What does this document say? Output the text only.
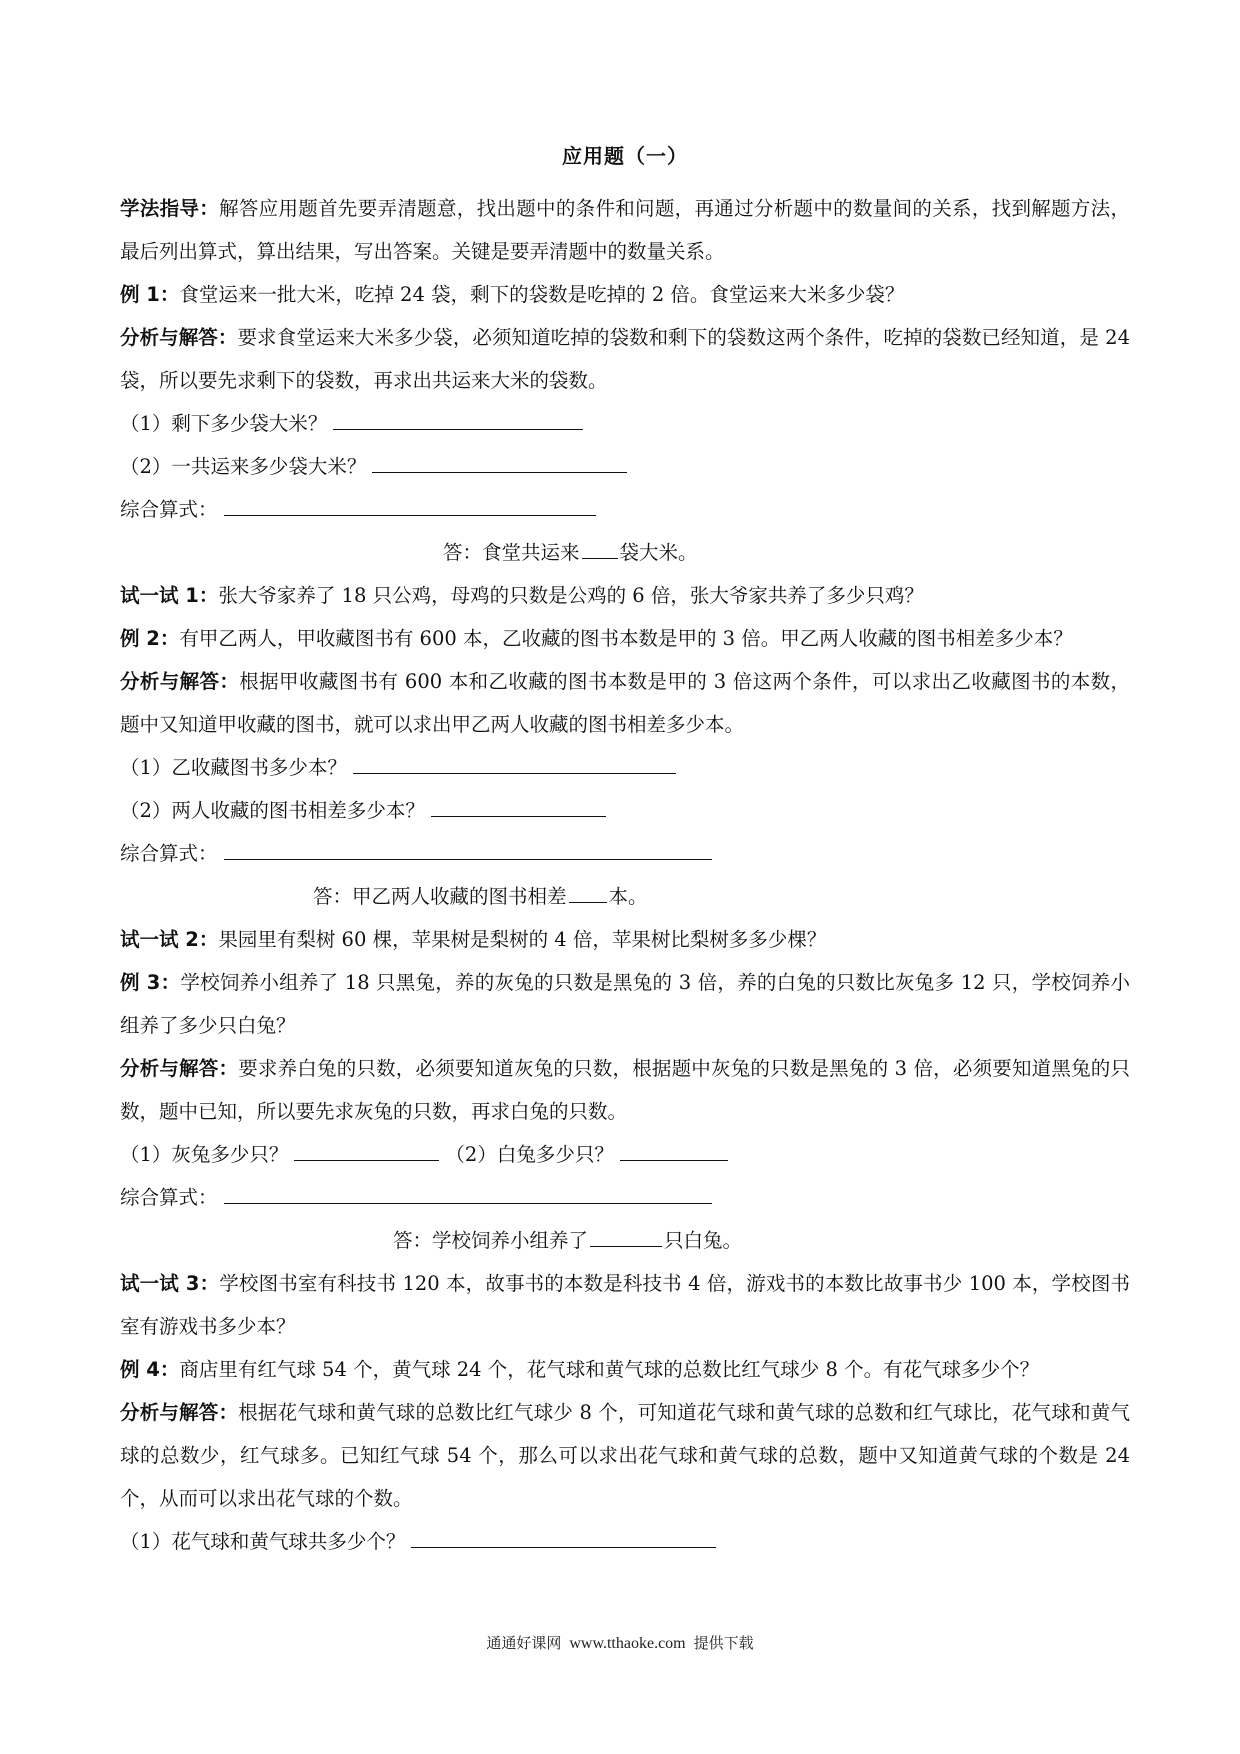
应用题（一）

学法指导：解答应用题首先要弄清题意，找出题中的条件和问题，再通过分析题中的数量间的关系，找到解题方法，最后列出算式，算出结果，写出答案。关键是要弄清题中的数量关系。

例 1：食堂运来一批大米，吃掉 24 袋，剩下的袋数是吃掉的 2 倍。食堂运来大米多少袋？

分析与解答：要求食堂运来大米多少袋，必须知道吃掉的袋数和剩下的袋数这两个条件，吃掉的袋数已经知道，是 24 袋，所以要先求剩下的袋数，再求出共运来大米的袋数。

（1）剩下多少袋大米？

（2）一共运来多少袋大米？

综合算式：

答：食堂共运来 袋大米。

试一试 1：张大爷家养了 18 只公鸡，母鸡的只数是公鸡的 6 倍，张大爷家共养了多少只鸡？

例 2：有甲乙两人，甲收藏图书有 600 本，乙收藏的图书本数是甲的 3 倍。甲乙两人收藏的图书相差多少本？

分析与解答：根据甲收藏图书有 600 本和乙收藏的图书本数是甲的 3 倍这两个条件，可以求出乙收藏图书的本数，题中又知道甲收藏的图书，就可以求出甲乙两人收藏的图书相差多少本。

（1）乙收藏图书多少本？

（2）两人收藏的图书相差多少本？

综合算式：

答：甲乙两人收藏的图书相差 本。

试一试 2：果园里有梨树 60 棵，苹果树是梨树的 4 倍，苹果树比梨树多多少棵？

例 3：学校饲养小组养了 18 只黑兔，养的灰兔的只数是黑兔的 3 倍，养的白兔的只数比灰兔多 12 只，学校饲养小组养了多少只白兔？

分析与解答：要求养白兔的只数，必须要知道灰兔的只数，根据题中灰兔的只数是黑兔的 3 倍，必须要知道黑兔的只数，题中已知，所以要先求灰兔的只数，再求白兔的只数。

（1）灰兔多少只？	（2）白兔多少只？

综合算式：

答：学校饲养小组养了	只白兔。

试一试 3：学校图书室有科技书 120 本，故事书的本数是科技书 4 倍，游戏书的本数比故事书少 100 本，学校图书室有游戏书多少本？

例 4：商店里有红气球 54 个，黄气球 24 个，花气球和黄气球的总数比红气球少 8 个。有花气球多少个？

分析与解答：根据花气球和黄气球的总数比红气球少 8 个，可知道花气球和黄气球的总数和红气球比，花气球和黄气球的总数少，红气球多。已知红气球 54 个，那么可以求出花气球和黄气球的总数，题中又知道黄气球的个数是 24 个，从而可以求出花气球的个数。

（1）花气球和黄气球共多少个？

通通好课网 www.tthaoke.com 提供下载
